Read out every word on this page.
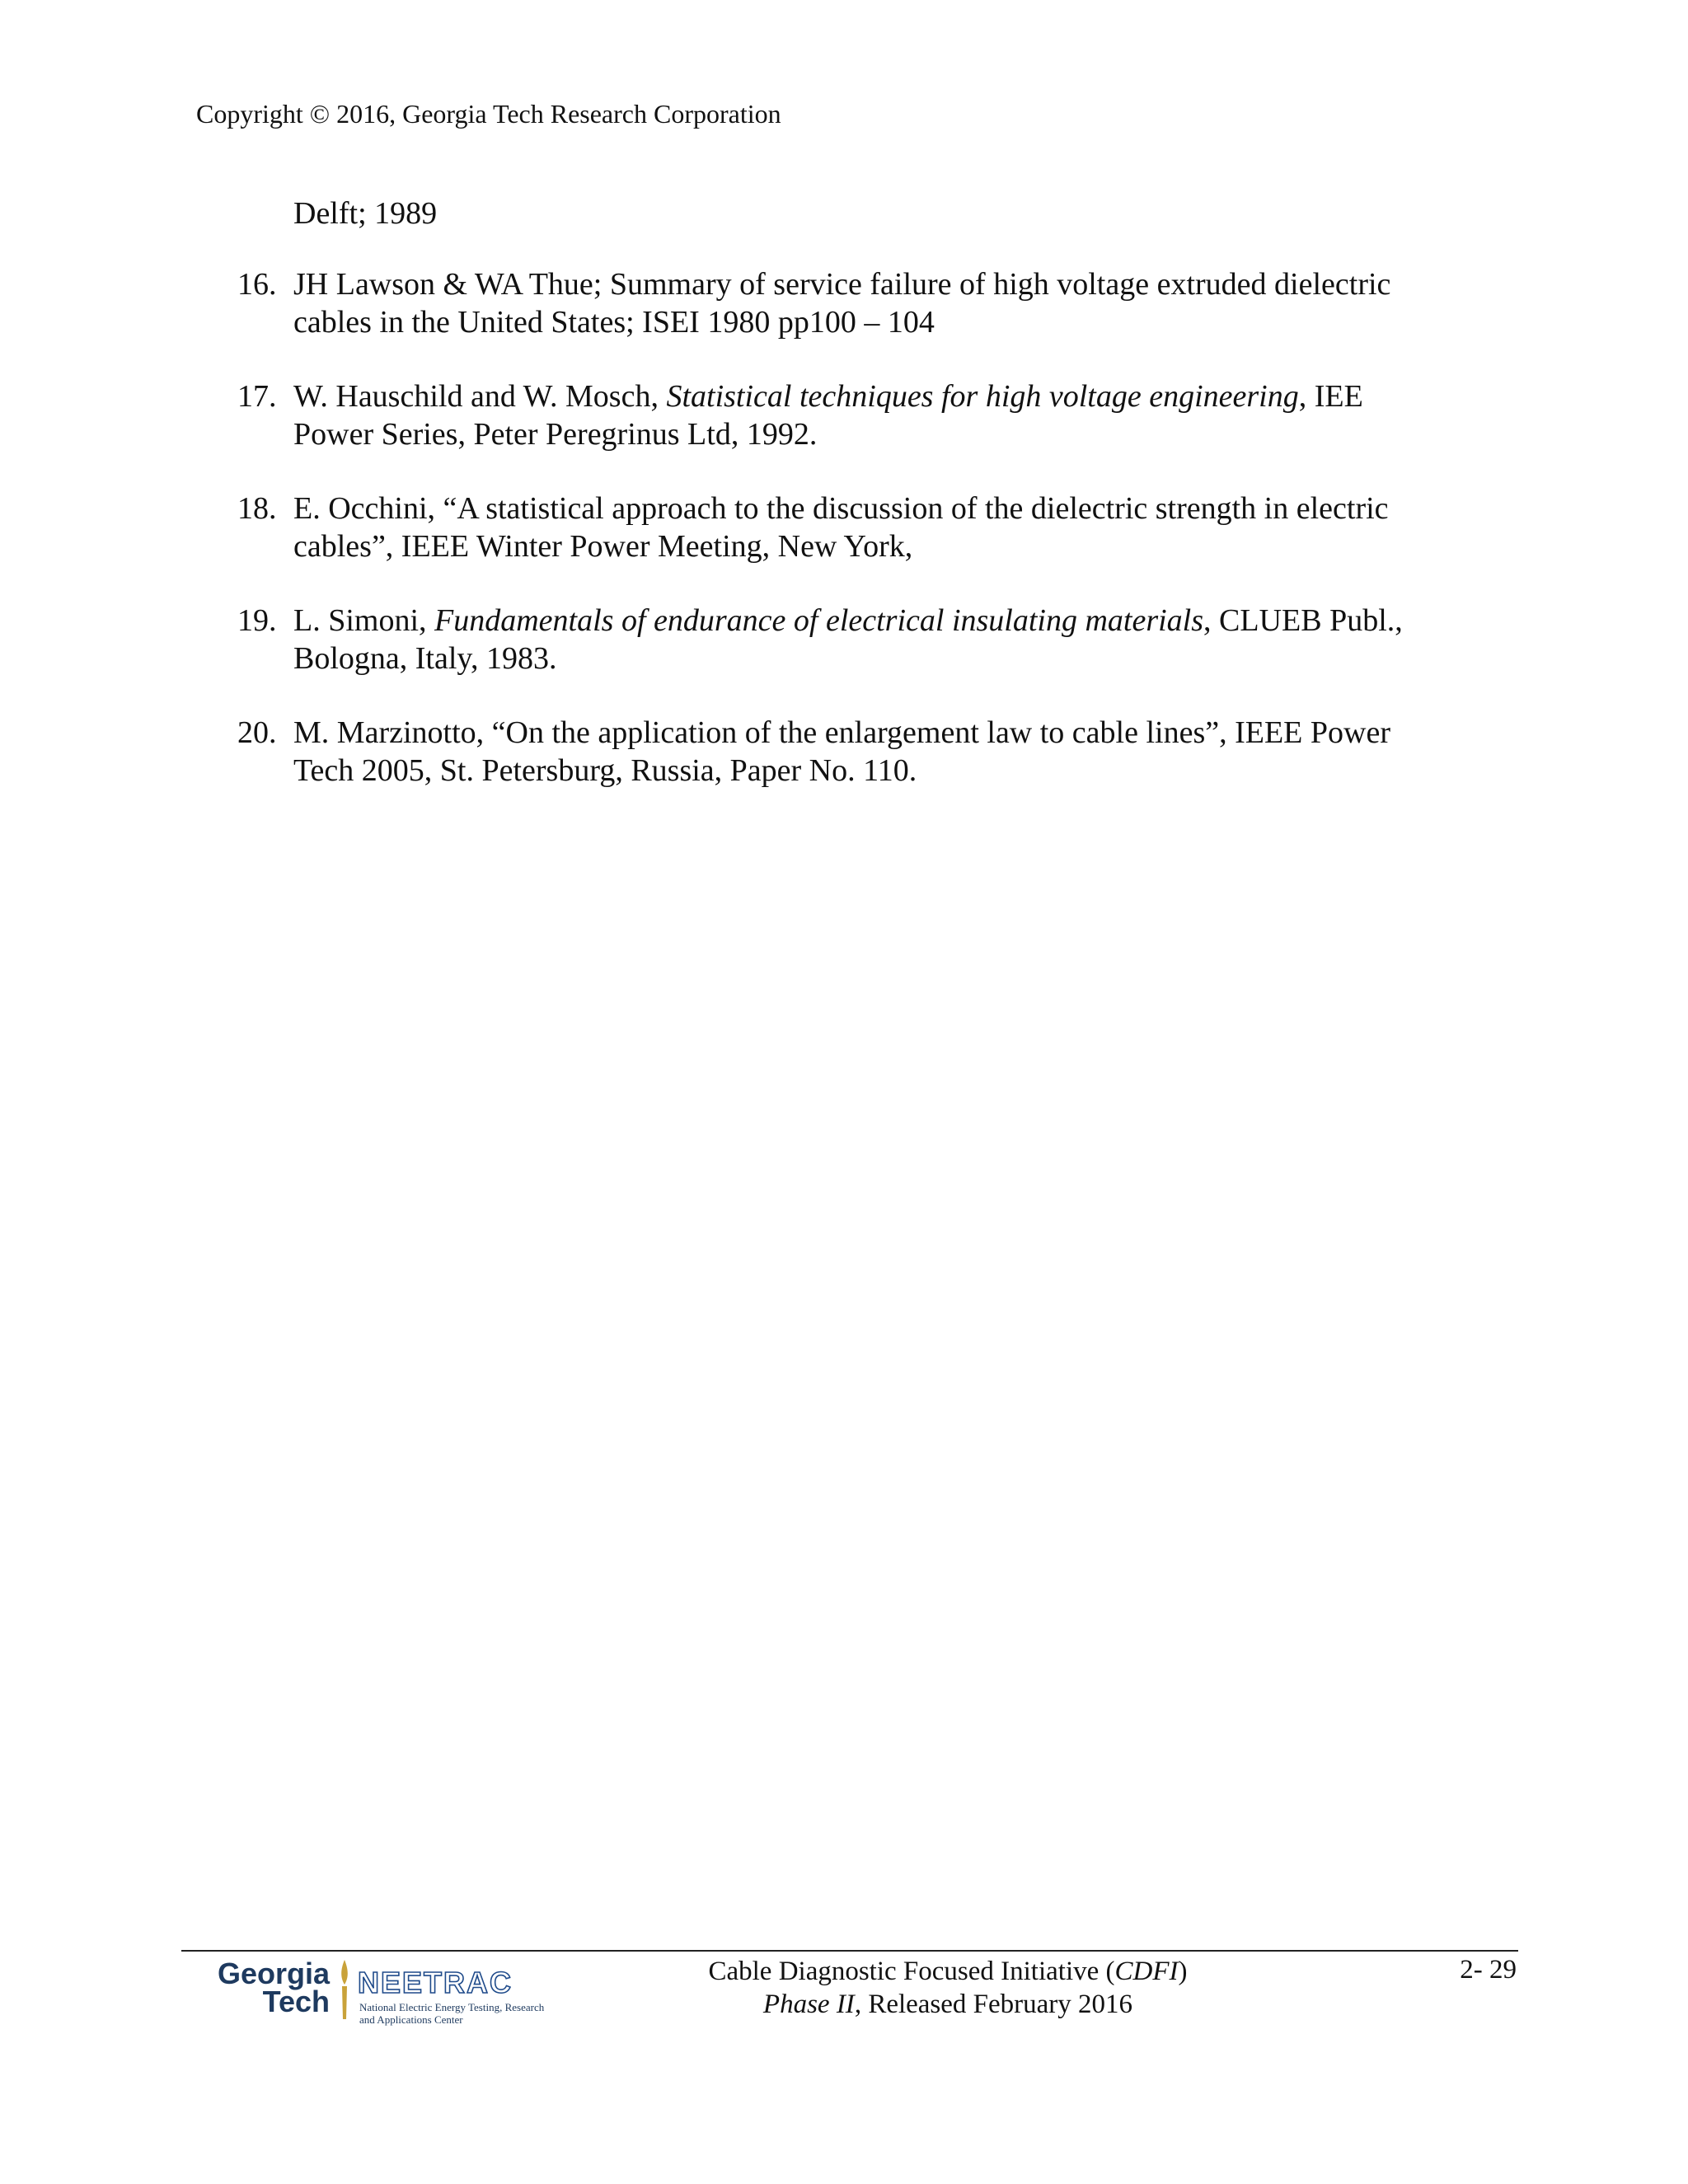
Copyright © 2016, Georgia Tech Research Corporation
Delft; 1989
16. JH Lawson & WA Thue; Summary of service failure of high voltage extruded dielectric
cables in the United States; ISEI 1980 pp100 – 104
17. W. Hauschild and W. Mosch, Statistical techniques for high voltage engineering, IEE
Power Series, Peter Peregrinus Ltd, 1992.
18. E. Occhini, “A statistical approach to the discussion of the dielectric strength in electric
cables”, IEEE Winter Power Meeting, New York,
19. L. Simoni, Fundamentals of endurance of electrical insulating materials, CLUEB Publ.,
Bologna, Italy, 1983.
20. M. Marzinotto, “On the application of the enlargement law to cable lines”, IEEE Power
Tech 2005, St. Petersburg, Russia, Paper No. 110.
Georgia
Tech
NEETRAC
National Electric Energy Testing, Research
and Applications Center
Cable Diagnostic Focused Initiative (CDFI)
Phase II, Released February 2016
2- 29
